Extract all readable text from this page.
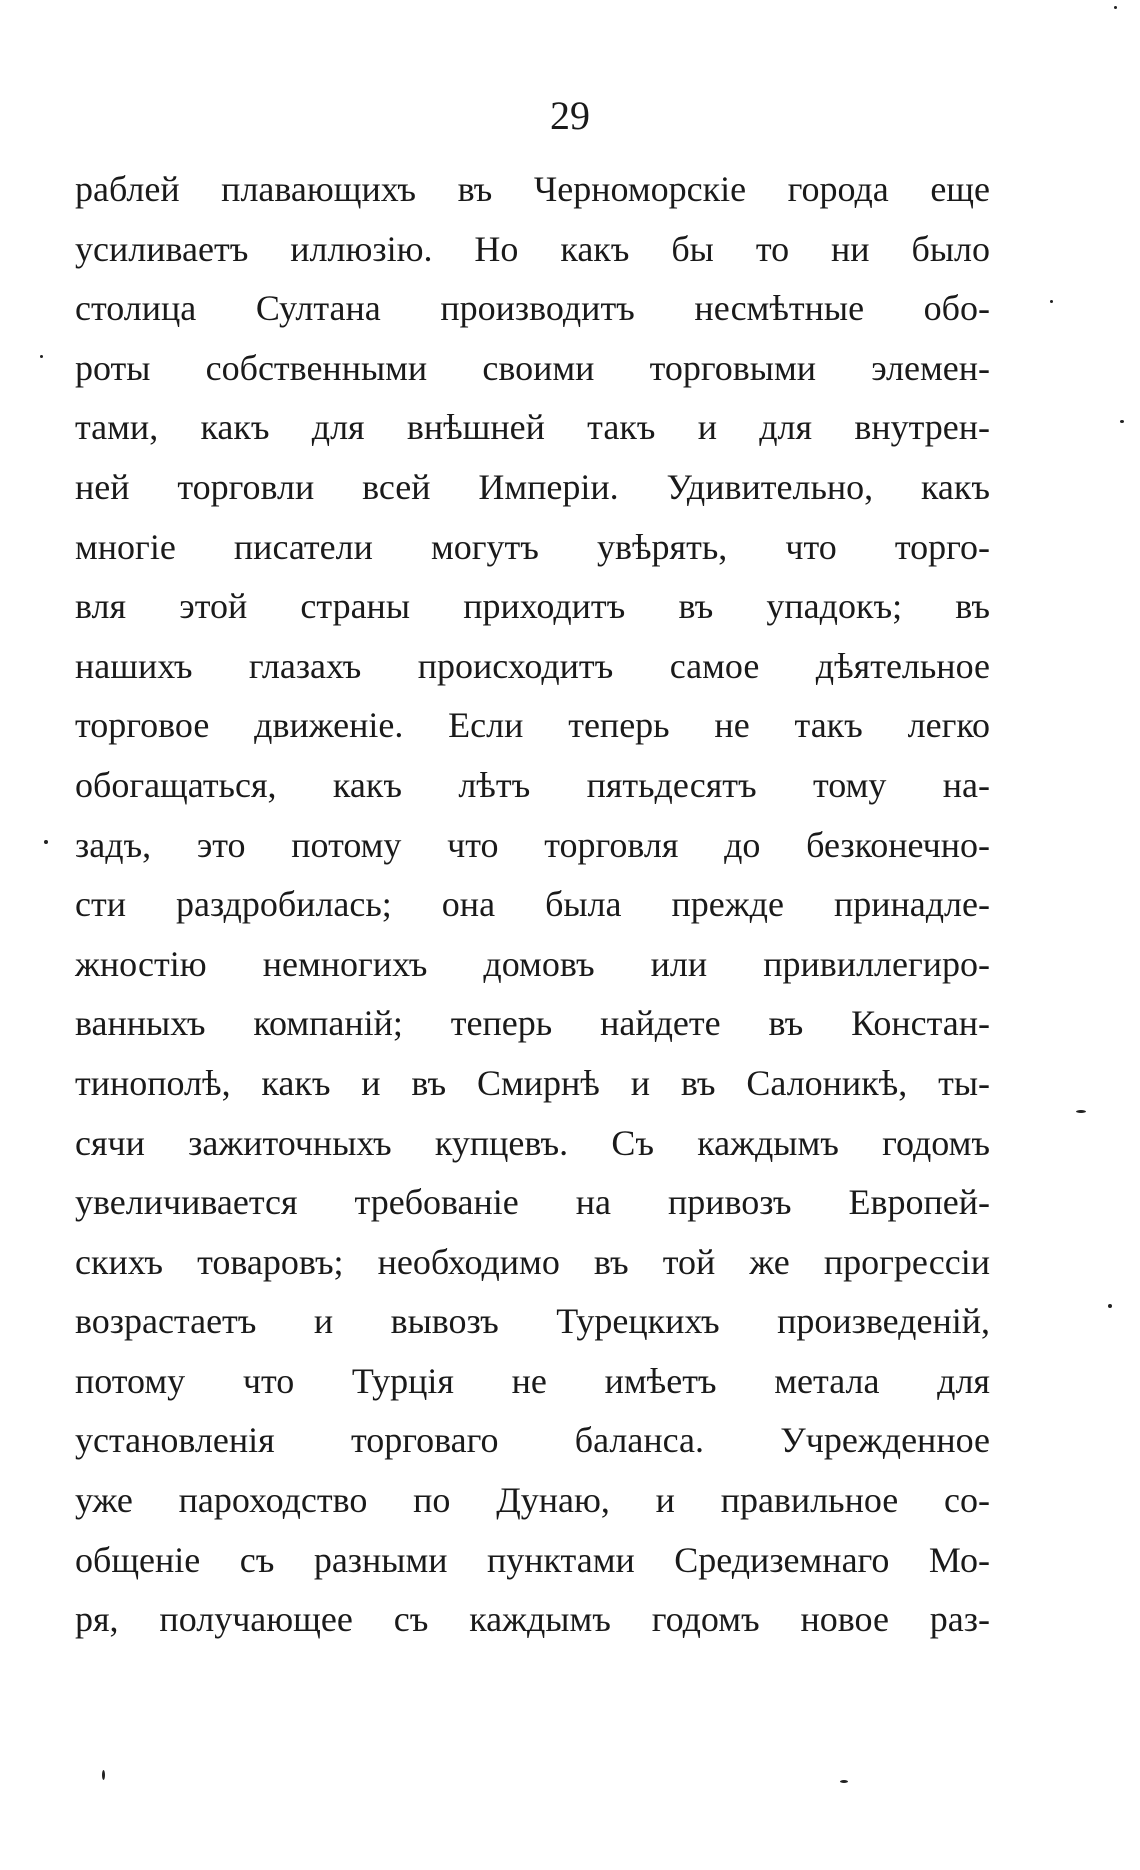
29
раблей плавающихъ въ Черноморскіе города еще
усиливаетъ иллюзію. Но какъ бы то ни было
столица Султана производитъ несмѣтные обо-
роты собственными своими торговыми элемен-
тами, какъ для внѣшней такъ и для внутрен-
ней торговли всей Имперіи. Удивительно, какъ
многіе писатели могутъ увѣрять, что торго-
вля этой страны приходитъ въ упадокъ; въ
нашихъ глазахъ происходитъ самое дѣятельное
торговое движеніе. Если теперь не такъ легко
обогащаться, какъ лѣтъ пятьдесятъ тому на-
задъ, это потому что торговля до безконечно-
сти раздробилась; она была прежде принадле-
жностію немногихъ домовъ или привиллегиро-
ванныхъ компаній; теперь найдете въ Констан-
тинополѣ, какъ и въ Смирнѣ и въ Салоникѣ, ты-
сячи зажиточныхъ купцевъ. Съ каждымъ годомъ
увеличивается требованіе на привозъ Европей-
скихъ товаровъ; необходимо въ той же прогрессіи
возрастаетъ и вывозъ Турецкихъ произведеній,
потому что Турція не имѣетъ метала для
установленія торговаго баланса. Учрежденное
уже пароходство по Дунаю, и правильное со-
общеніе съ разными пунктами Средиземнаго Мо-
ря, получающее съ каждымъ годомъ новое раз-
